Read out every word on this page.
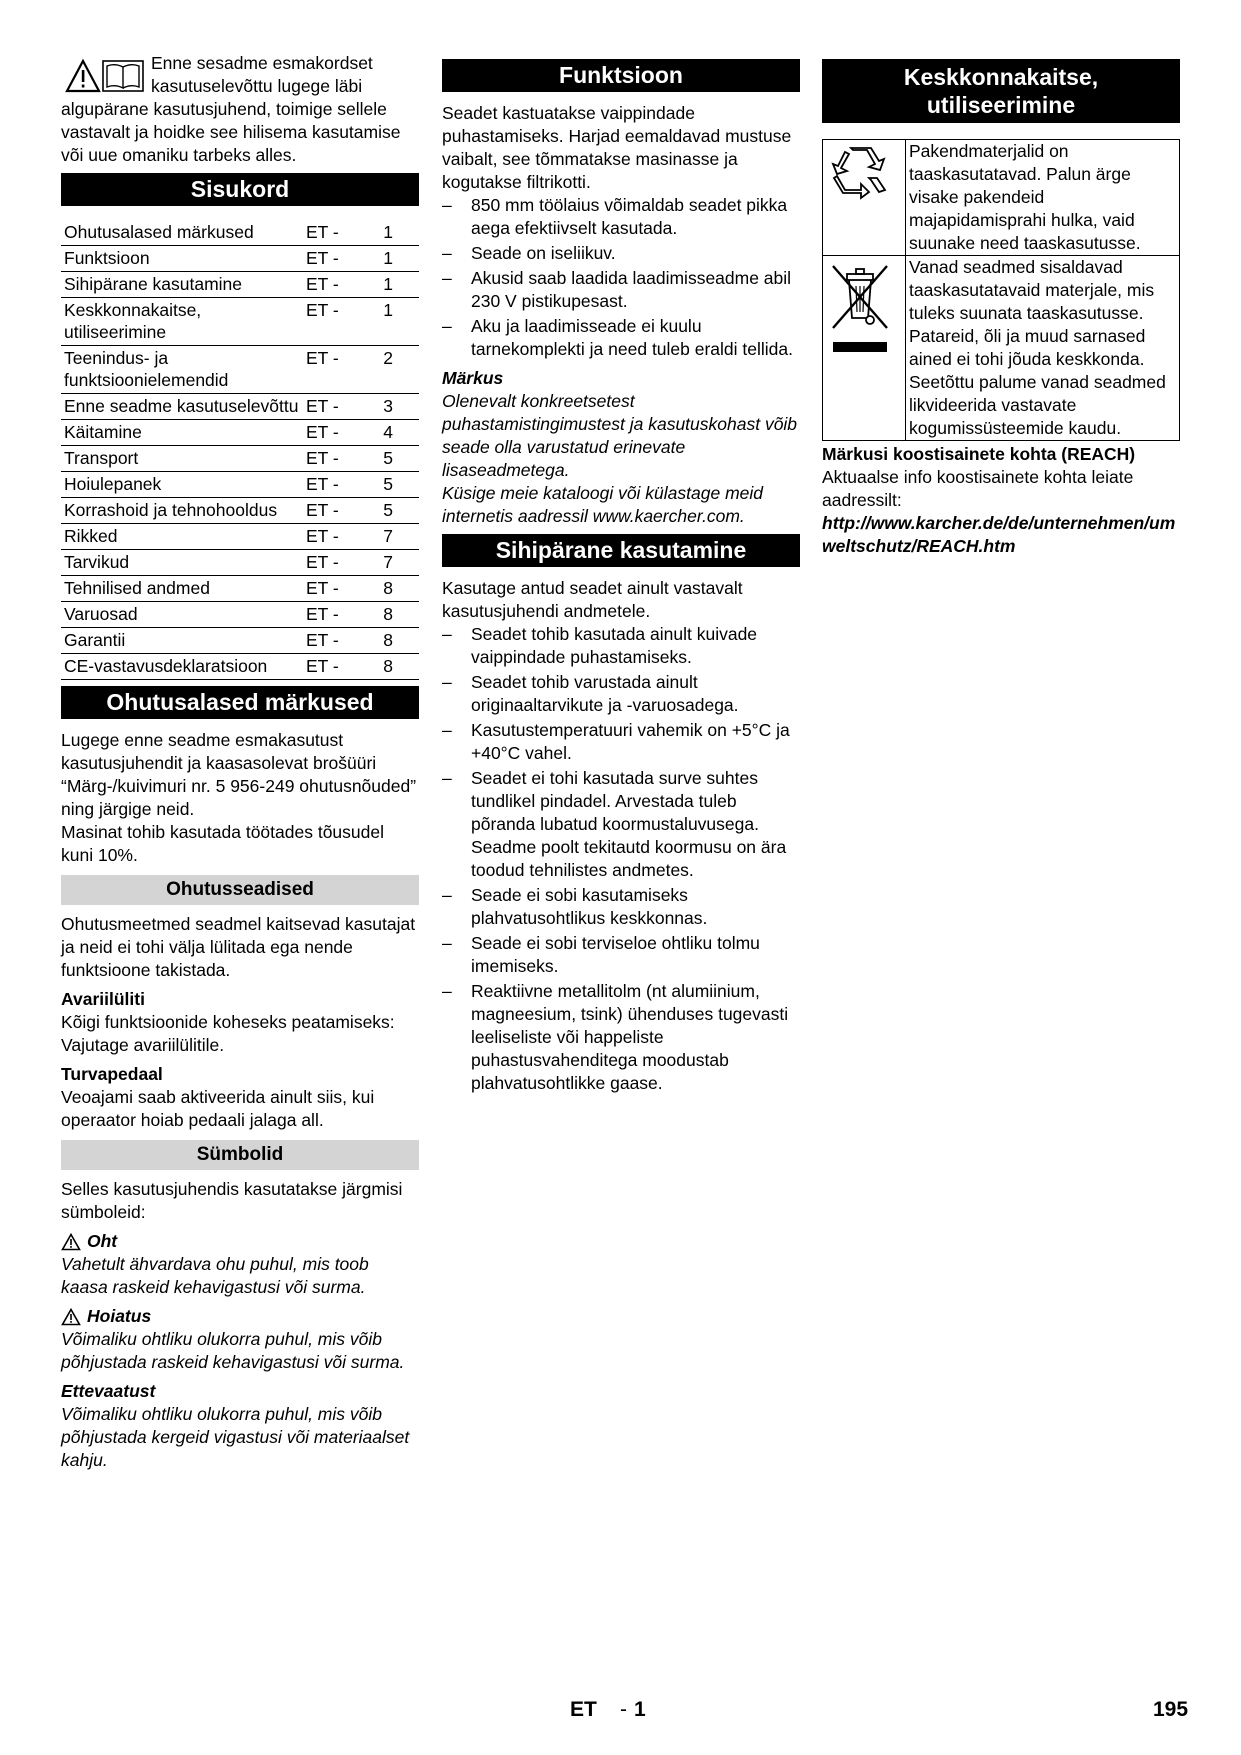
Enne sesadme esmakordset

kasutuselevõttu lugege läbi

algupärane kasutusjuhend, toimige sellele vastavalt ja hoidke see hilisema kasutamise või uue omaniku tarbeks alles.

Sisukord
Ohutusalased märkused	ET -	1
Funktsioon	ET -	1
Sihipärane kasutamine	ET -	1
Keskkonnakaitse, utiliseerimine	ET -	1
Teenindus- ja funktsioonielemendid	ET -	2
Enne seadme kasutuselevõttu	ET -	3
Käitamine	ET -	4
Transport	ET -	5
Hoiulepanek	ET -	5
Korrashoid ja tehnohooldus	ET -	5
Rikked	ET -	7
Tarvikud	ET -	7
Tehnilised andmed	ET -	8
Varuosad	ET -	8
Garantii	ET -	8
CE-vastavusdeklaratsioon	ET -	8
Ohutusalased märkused

Lugege enne seadme esmakasutust kasutusjuhendit ja kaasasolevat brošüüri “Märg-/kuivimuri nr. 5 956-249 ohutusnõuded” ning järgige neid.

Masinat tohib kasutada töötades tõusudel kuni 10%.

Ohutusseadised

Ohutusmeetmed seadmel kaitsevad kasutajat ja neid ei tohi välja lülitada ega nende funktsioone takistada.

Avariilüliti

Kõigi funktsioonide koheseks peatamiseks: Vajutage avariilülitile.

Turvapedaal

Veoajami saab aktiveerida ainult siis, kui operaator hoiab pedaali jalaga all.

Sümbolid

Selles kasutusjuhendis kasutatakse järgmisi sümboleid:

Oht

Vahetult ähvardava ohu puhul, mis toob kaasa raskeid kehavigastusi või surma.

Hoiatus

Võimaliku ohtliku olukorra puhul, mis võib põhjustada raskeid kehavigastusi või surma.

Ettevaatust

Võimaliku ohtliku olukorra puhul, mis võib põhjustada kergeid vigastusi või materiaalset kahju.

Funktsioon

Seadet kastuatakse vaippindade puhastamiseks. Harjad eemaldavad mustuse vaibalt, see tõmmatakse masinasse ja kogutakse filtrikotti.

– 850 mm töölaius võimaldab seadet pikka aega efektiivselt kasutada.
– Seade on iseliikuv.
– Akusid saab laadida laadimisseadme abil 230 V pistikupesast.
– Aku ja laadimisseade ei kuulu tarnekomplekti ja need tuleb eraldi tellida.

Märkus

Olenevalt konkreetsetest puhastamistingimustest ja kasutuskohast võib seade olla varustatud erinevate lisaseadmetega.

Küsige meie kataloogi või külastage meid internetis aadressil www.kaercher.com.

Sihipärane kasutamine

Kasutage antud seadet ainult vastavalt kasutusjuhendi andmetele.

– Seadet tohib kasutada ainult kuivade vaippindade puhastamiseks.
– Seadet tohib varustada ainult originaaltarvikute ja -varuosadega.
– Kasutustemperatuuri vahemik on +5°C ja +40°C vahel.
– Seadet ei tohi kasutada surve suhtes tundlikel pindadel. Arvestada tuleb põranda lubatud koormustaluvusega. Seadme poolt tekitautd koormusu on ära toodud tehnilistes andmetes.
– Seade ei sobi kasutamiseks plahvatusohtlikus keskkonnas.
– Seade ei sobi terviseloe ohtliku tolmu imemiseks.
– Reaktiivne metallitolm (nt alumiinium, magneesium, tsink) ühenduses tugevasti leeliseliste või happeliste puhastusvahenditega moodustab plahvatusohtlikke gaase.
Keskkonnakaitse,
utiliseerimine
	Pakendmaterjalid on taaskasutatavad. Palun ärge visake pakendeid majapidamisprahi hulka, vaid suunake need taaskasutusse.
	Vanad seadmed sisaldavad taaskasutatavaid materjale, mis tuleks suunata taaskasutusse. Patareid, õli ja muud sarnased ained ei tohi jõuda keskkonda. Seetõttu palume vanad seadmed likvideerida vastavate kogumissüsteemide kaudu.

Märkusi koostisainete kohta (REACH)

Aktuaalse info koostisainete kohta leiate aadressilt:

http://www.karcher.de/de/unternehmen/umweltschutz/REACH.htm

ET - 1	195
